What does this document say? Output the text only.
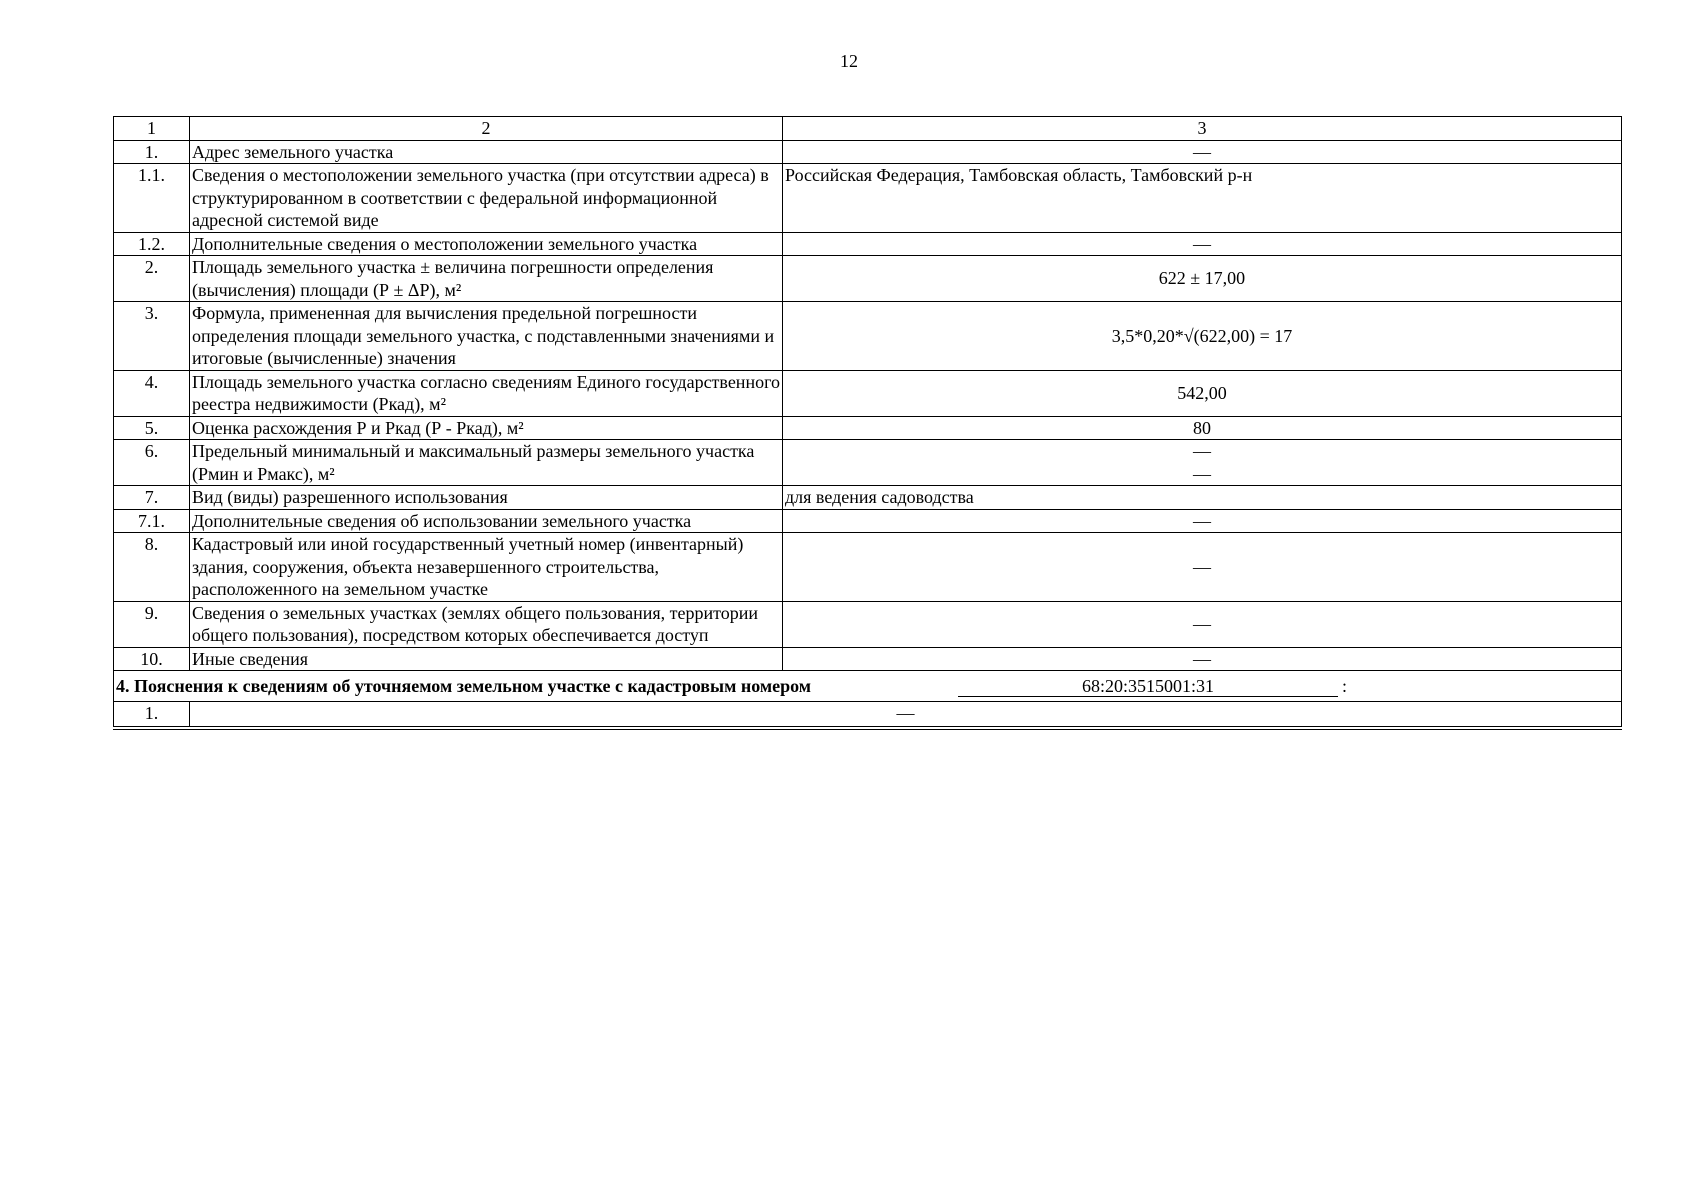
12
1	2	3
1.	Адрес земельного участка	—
1.1.	Сведения о местоположении земельного участка (при отсутствии адреса) в структурированном в соответствии с федеральной информационной адресной системой виде	Российская Федерация, Тамбовская область, Тамбовский р-н
1.2.	Дополнительные сведения о местоположении земельного участка	—
2.	Площадь земельного участка ± величина погрешности определения (вычисления) площади (Р ± ΔР), м²	622 ± 17,00
3.	Формула, примененная для вычисления предельной погрешности определения площади земельного участка, с подставленными значениями и итоговые (вычисленные) значения	3,5*0,20*√(622,00) = 17
4.	Площадь земельного участка согласно сведениям Единого государственного реестра недвижимости (Ркад), м²	542,00
5.	Оценка расхождения Р и Ркад (Р - Ркад), м²	80
6.	Предельный минимальный и максимальный размеры земельного участка (Рмин и Рмакс), м²	—
—

7.	Вид (виды) разрешенного использования	для ведения садоводства
7.1.	Дополнительные сведения об использовании земельного участка	—
8.	Кадастровый или иной государственный учетный номер (инвентарный) здания, сооружения, объекта незавершенного строительства, расположенного на земельном участке	—
9.	Сведения о земельных участках (землях общего пользования, территории общего пользования), посредством которых обеспечивается доступ	—
10.	Иные сведения	—

4. Пояснения к сведениям об уточняемом земельном участке с кадастровым номером 68:20:3515001:31 :		

1.	—	
